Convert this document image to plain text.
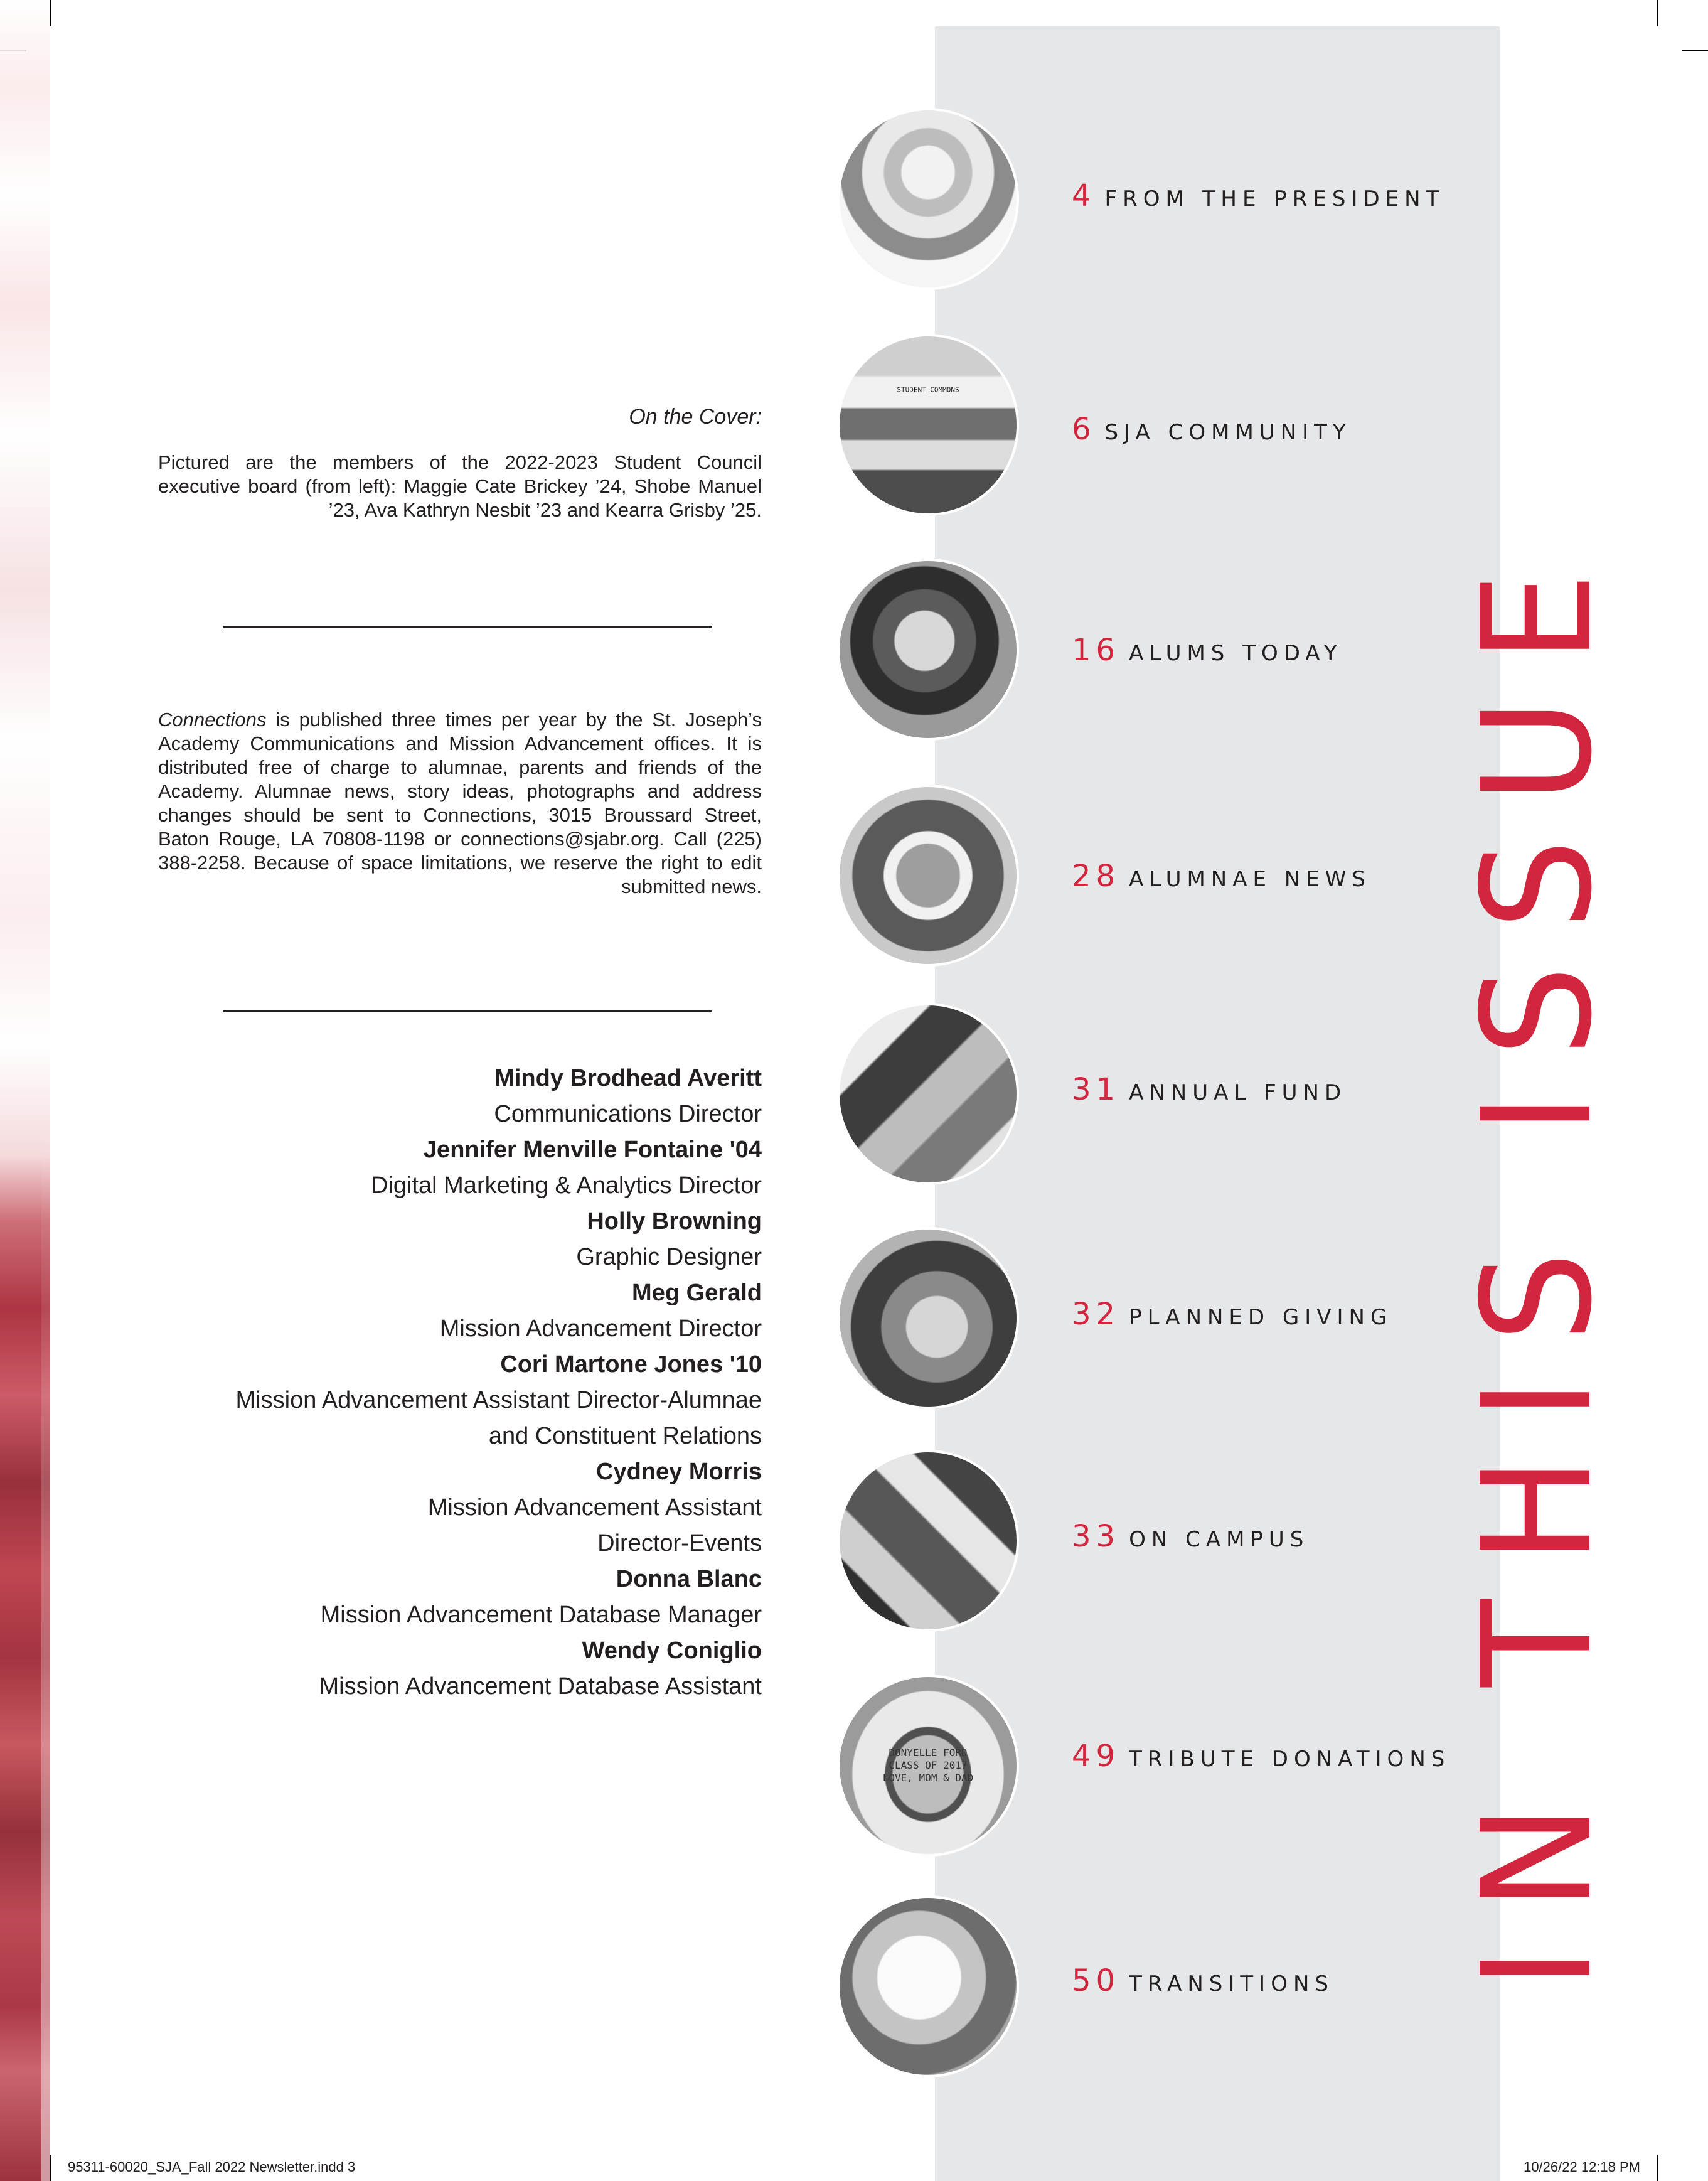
On the Cover:
Pictured are the members of the 2022-2023 Student Council executive board (from left): Maggie Cate Brickey ’24, Shobe Manuel ’23, Ava Kathryn Nesbit ’23 and Kearra Grisby ’25.
Connections is published three times per year by the St. Joseph’s Academy Communications and Mission Advancement offices. It is distributed free of charge to alumnae, parents and friends of the Academy. Alumnae news, story ideas, photographs and address changes should be sent to Connections, 3015 Broussard Street, Baton Rouge, LA 70808-1198 or connections@sjabr.org. Call (225) 388-2258. Because of space limitations, we reserve the right to edit submitted news.
Mindy Brodhead Averitt
Communications Director
Jennifer Menville Fontaine '04
Digital Marketing & Analytics Director
Holly Browning
Graphic Designer
Meg Gerald
Mission Advancement Director
Cori Martone Jones '10
Mission Advancement Assistant Director-Alumnae
and Constituent Relations
Cydney Morris
Mission Advancement Assistant
Director-Events
Donna Blanc
Mission Advancement Database Manager
Wendy Coniglio
Mission Advancement Database Assistant
STUDENT COMMONS
DONYELLE FORD CLASS OF 2017 LOVE, MOM & DAD
4 FROM THE PRESIDENT
6 SJA COMMUNITY
16 ALUMS TODAY
28 ALUMNAE NEWS
31 ANNUAL FUND
32 PLANNED GIVING
33 ON CAMPUS
49 TRIBUTE DONATIONS
50 TRANSITIONS IN THIS ISSUE
95311-60020_SJA_Fall 2022 Newsletter.indd 3	10/26/22 12:18 PM
